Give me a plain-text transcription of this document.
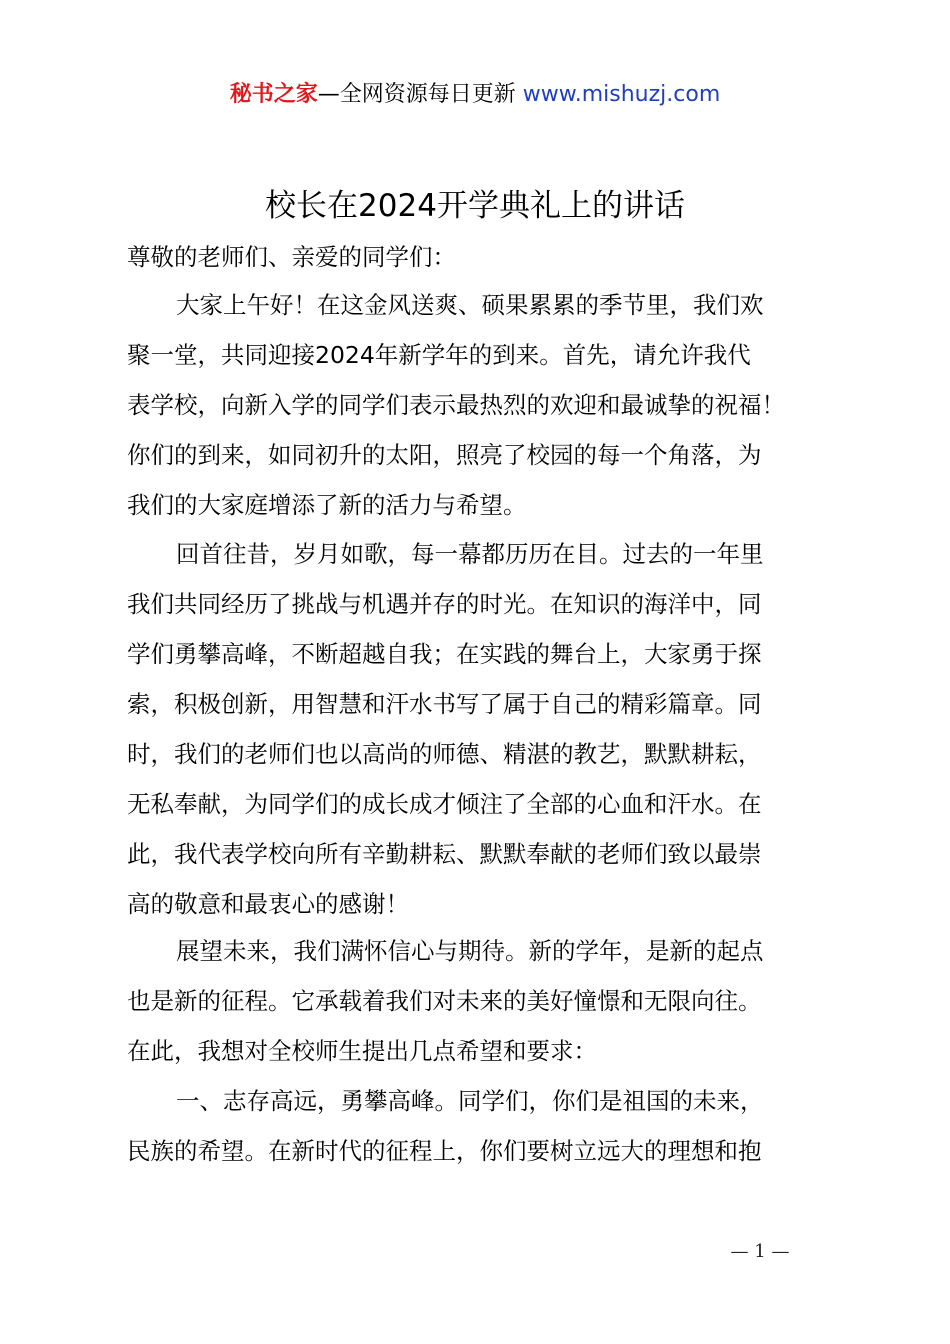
秘书之家—全网资源每日更新 www.mishuzj.com
校长在2024开学典礼上的讲话
尊敬的老师们、亲爱的同学们：
大家上午好！在这金风送爽、硕果累累的季节里，我们欢
聚一堂，共同迎接2024年新学年的到来。首先，请允许我代
表学校，向新入学的同学们表示最热烈的欢迎和最诚挚的祝福！
你们的到来，如同初升的太阳，照亮了校园的每一个角落，为
我们的大家庭增添了新的活力与希望。
回首往昔，岁月如歌，每一幕都历历在目。过去的一年里
我们共同经历了挑战与机遇并存的时光。在知识的海洋中，同
学们勇攀高峰，不断超越自我；在实践的舞台上，大家勇于探
索，积极创新，用智慧和汗水书写了属于自己的精彩篇章。同
时，我们的老师们也以高尚的师德、精湛的教艺，默默耕耘，
无私奉献，为同学们的成长成才倾注了全部的心血和汗水。在
此，我代表学校向所有辛勤耕耘、默默奉献的老师们致以最崇
高的敬意和最衷心的感谢！
展望未来，我们满怀信心与期待。新的学年，是新的起点
也是新的征程。它承载着我们对未来的美好憧憬和无限向往。
在此，我想对全校师生提出几点希望和要求：
一、志存高远，勇攀高峰。同学们，你们是祖国的未来，
民族的希望。在新时代的征程上，你们要树立远大的理想和抱
— 1 —
